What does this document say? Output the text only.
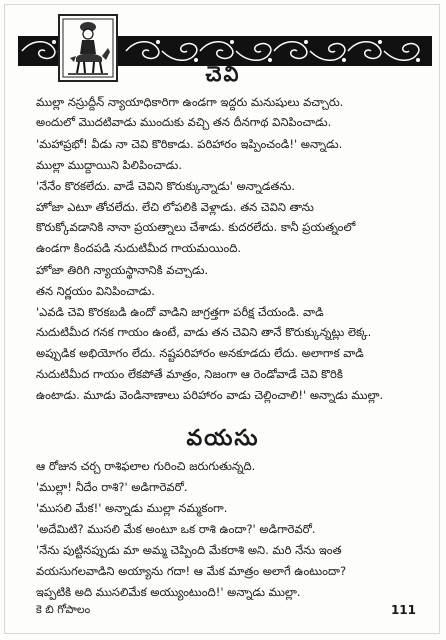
చెవి
ముల్లా నస్రుద్దీన్ న్యాయాధికారిగా ఉండగా ఇద్దరు మనుషులు వచ్చారు.
అందులో మొదటివాడు ముందుకు వచ్చి తన దీనగాథ వినిపించాడు.
'మహాప్రభో! వీడు నా చెవి కొరికాడు. పరిహారం ఇప్పించండి!' అన్నాడు.
ముల్లా ముద్దాయిని పిలిపించాడు.
'నేనేం కొరకలేదు. వాడే చెవిని కొరుక్కున్నాడు' అన్నాడతను.
హోజా ఎటూ తోచలేదు. లేచి లోపలికి వెళ్లాడు. తన చెవిని తాను
కొరుక్కోవడానికి నానా ప్రయత్నాలు చేశాడు. కుదరలేదు. కానీ ప్రయత్నంలో
ఉండగా కిందపడి నుదుటిమీద గాయమయింది.
హోజా తిరిగి న్యాయస్థానానికి వచ్చాడు.
తన నిర్ణయం వినిపించాడు.
'ఎవడి చెవి కొరకబడి ఉందో వాడిని జాగ్రత్తగా పరీక్ష చేయండి. వాడి
నుదుటిమీద గనక గాయం ఉంటే, వాడు తన చెవిని తానే కొరుక్కున్నట్లు లెక్క.
అప్పుడిక అభియోగం లేదు. నష్టపరిహారం అనకూడదు లేదు. అలాగాక వాడి
నుదుటిమీద గాయం లేకపోతే మాత్రం, నిజంగా ఆ రెండోవాడే చెవి కొరికి
ఉంటాడు. మూడు వెండినాణాలు పరిహారం వాడు చెల్లించాలి!' అన్నాడు ముల్లా.
వయసు
ఆ రోజున చర్చ రాశిఫలాల గురించి జరుగుతున్నది.
'ముల్లా! నీదేం రాశి?' అడిగారెవరో.
'ముసలి మేక!' అన్నాడు ముల్లా నమ్మకంగా.
'అదేమిటి? ముసలి మేక అంటూ ఒక రాశి ఉందా?' అడిగారెవరో.
'నేను పుట్టినప్పుడు మా అమ్మ చెప్పింది మేకరాశి అని. మరి నేను ఇంత
వయసుగలవాడిని అయ్యాను గదా! ఆ మేక మాత్రం అలాగే ఉంటుందా?
ఇప్పటికి అది ముసలిమేక అయ్యుంటుంది!' అన్నాడు ముల్లా.
కె బి గోపాలం	111
